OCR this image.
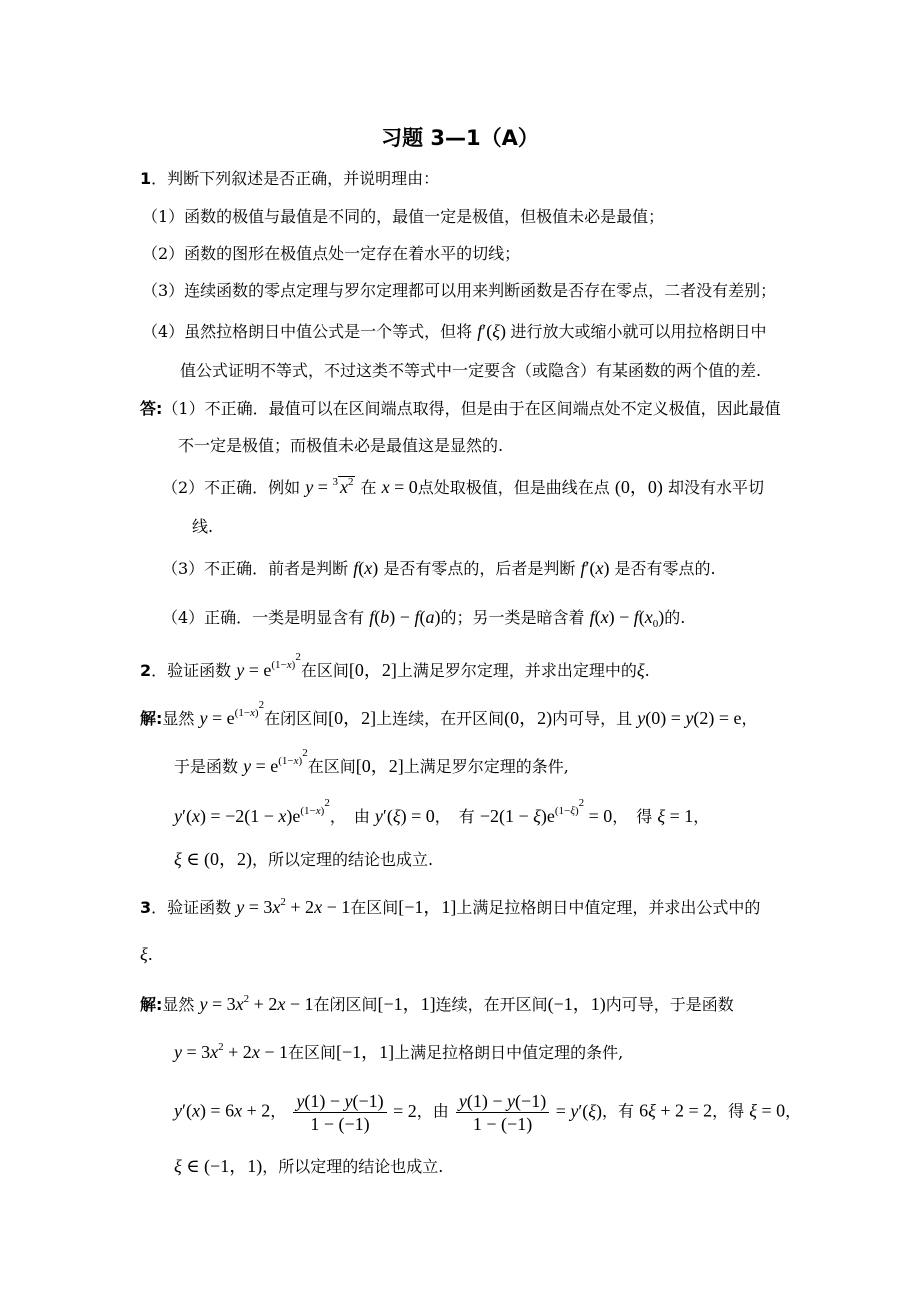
习题 3—1（A）
1．判断下列叙述是否正确，并说明理由：
（1）函数的极值与最值是不同的，最值一定是极值，但极值未必是最值；
（2）函数的图形在极值点处一定存在着水平的切线；
（3）连续函数的零点定理与罗尔定理都可以用来判断函数是否存在零点，二者没有差别；
（4）虽然拉格朗日中值公式是一个等式，但将 f′(ξ) 进行放大或缩小就可以用拉格朗日中
值公式证明不等式，不过这类不等式中一定要含（或隐含）有某函数的两个值的差.
答:（1）不正确．最值可以在区间端点取得，但是由于在区间端点处不定义极值，因此最值
不一定是极值；而极值未必是最值这是显然的.
（2）不正确．例如 y = $^3$ $x^2$ 在 x = 0点处取极值，但是曲线在点 (0，0) 却没有水平切
线.
（3）不正确．前者是判断 f(x) 是否有零点的，后者是判断 f′(x) 是否有零点的.
（4）正确．一类是明显含有 f(b) − f(a)的；另一类是暗含着 $f(x) - f(x_0)$的.
2．验证函数 $y = e^{(1-x)^2}$在区间[0，2]上满足罗尔定理，并求出定理中的ξ.
解:显然 $y = e^{(1-x)^2}$在闭区间[0，2]上连续，在开区间(0，2)内可导，且 y(0) = y(2) = e，
于是函数 $y = e^{(1-x)^2}$在区间[0，2]上满足罗尔定理的条件,
$y'(x) = -2(1 - x)e^{(1-x)^2}$，　由 y′(ξ) = 0，　有 $-2(1 - \xi)e^{(1-\xi)^2} = 0$，　得 ξ = 1，
ξ ∈ (0，2)，所以定理的结论也成立.
3．验证函数 $y = 3x^2 + 2x - 1$在区间[−1，1]上满足拉格朗日中值定理，并求出公式中的
ξ.
解:显然 $y = 3x^2 + 2x - 1$在闭区间[−1，1]连续，在开区间(−1，1)内可导，于是函数
$y = 3x^2 + 2x - 1$在区间[−1，1]上满足拉格朗日中值定理的条件,
y′(x) = 6x + 2， $\frac{y(1) - y(-1)}{1 - (-1)} = 2$，由 $\frac{y(1) - y(-1)}{1 - (-1)} = y'(\xi)$，有 6ξ + 2 = 2，得 ξ = 0，
ξ ∈ (−1，1)，所以定理的结论也成立.
